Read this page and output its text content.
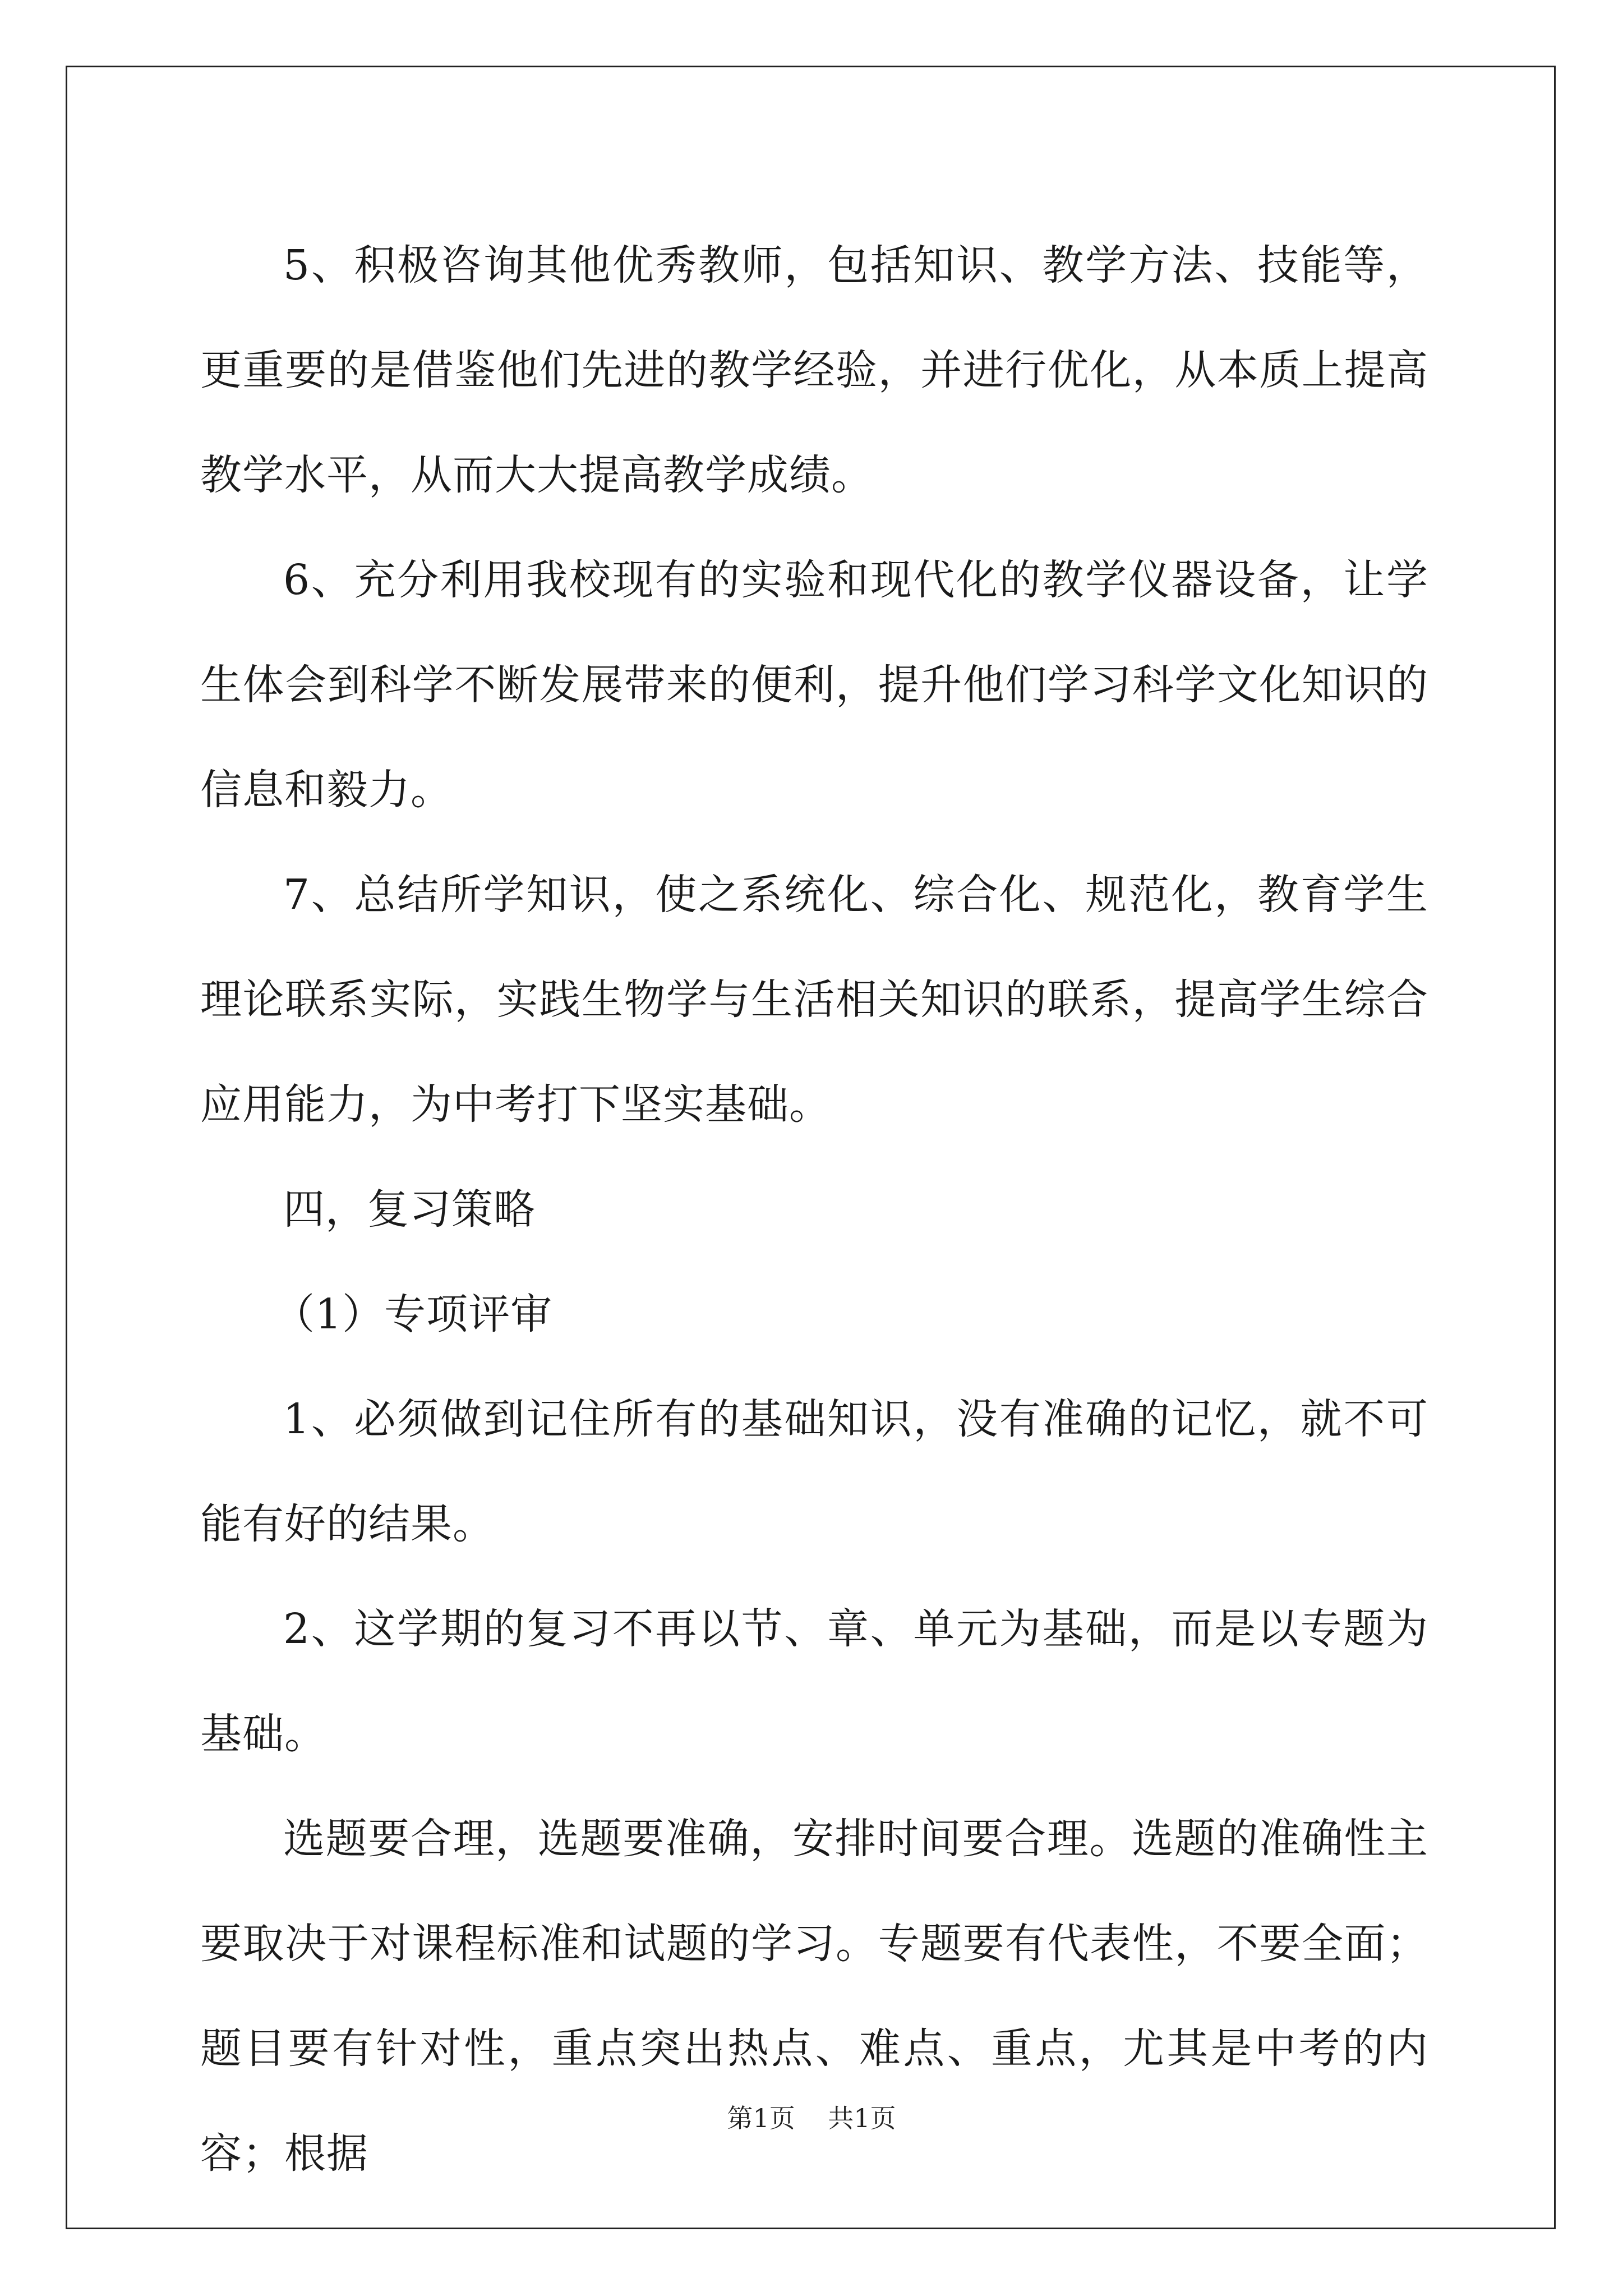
5、积极咨询其他优秀教师，包括知识、教学方法、技能等，更重要的是借鉴他们先进的教学经验，并进行优化，从本质上提高教学水平，从而大大提高教学成绩。

6、充分利用我校现有的实验和现代化的教学仪器设备，让学生体会到科学不断发展带来的便利，提升他们学习科学文化知识的信息和毅力。

7、总结所学知识，使之系统化、综合化、规范化，教育学生理论联系实际，实践生物学与生活相关知识的联系，提高学生综合应用能力，为中考打下坚实基础。

四，复习策略

（1）专项评审

1、必须做到记住所有的基础知识，没有准确的记忆，就不可能有好的结果。

2、这学期的复习不再以节、章、单元为基础，而是以专题为基础。

选题要合理，选题要准确，安排时间要合理。选题的准确性主要取决于对课程标准和试题的学习。专题要有代表性，不要全面；题目要有针对性，重点突出热点、难点、重点，尤其是中考的内容；根据

第1页    共1页
